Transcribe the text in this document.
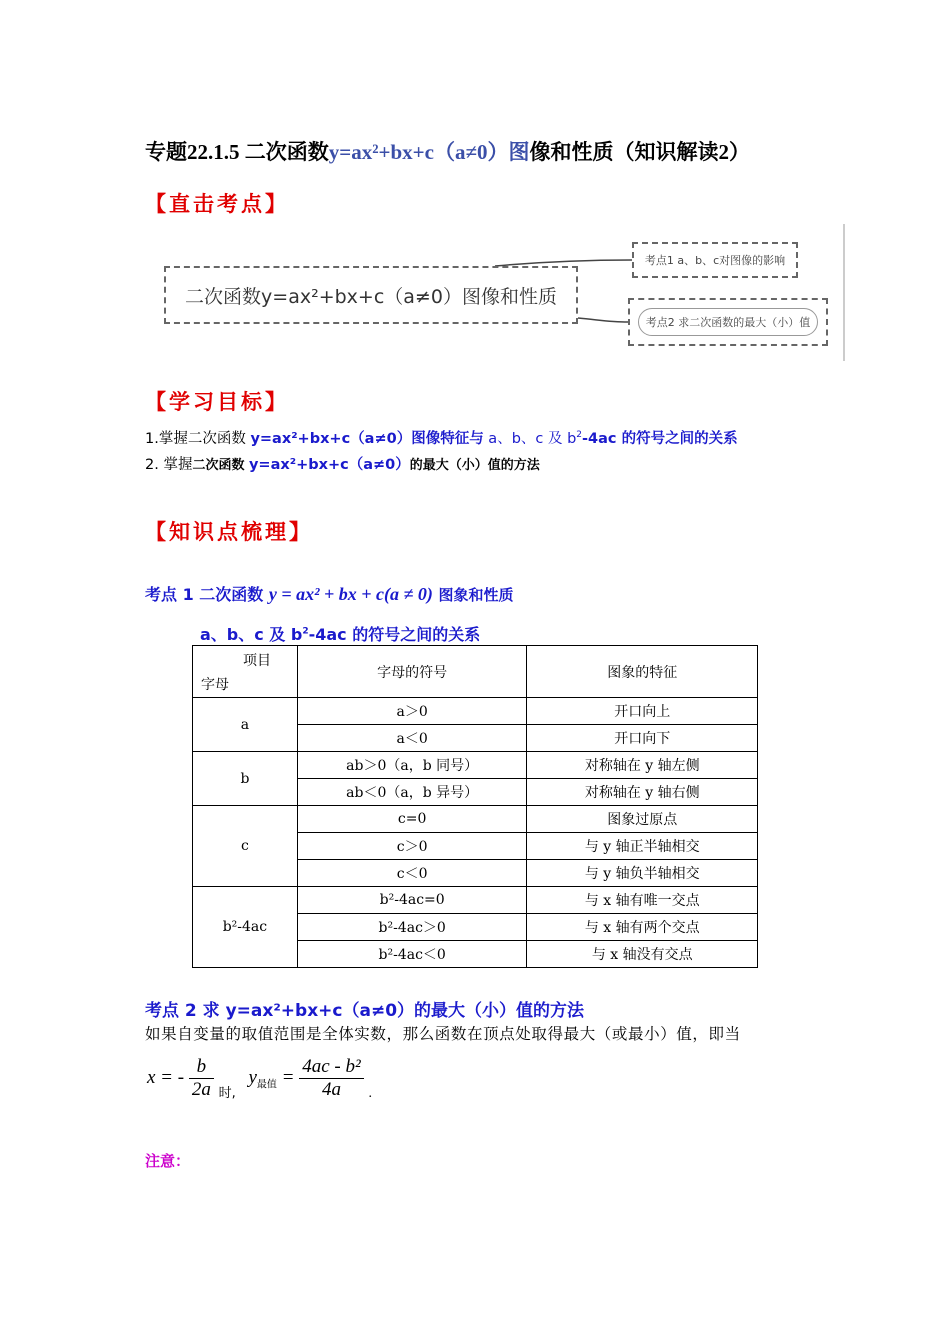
专题22.1.5 二次函数y=ax²+bx+c（a≠0）图像和性质（知识解读2）
【直击考点】
二次函数y=ax²+bx+c（a≠0）图像和性质
考点1 a、b、c对图像的影响
考点2 求二次函数的最大（小）值
【学习目标】
1.掌握二次函数 y=ax²+bx+c（a≠0）图像特征与 a、b、c 及 $b^2-4ac$ 的符号之间的关系
2. 掌握二次函数 y=ax²+bx+c（a≠0）的最大（小）值的方法
【知识点梳理】
考点 1 二次函数 y = ax² + bx + c(a ≠ 0) 图象和性质
a、b、c 及 $b^2-4ac$ 的符号之间的关系
项目
字母	字母的符号	图象的特征
a	a＞0	开口向上
	a＜0	开口向下
b	ab＞0（a，b 同号）	对称轴在 y 轴左侧
	ab＜0（a，b 异号）	对称轴在 y 轴右侧
c	c=0	图象过原点
	c＞0	与 y 轴正半轴相交
	c＜0	与 y 轴负半轴相交
b²-4ac	b²-4ac=0	与 x 轴有唯一交点
	b²-4ac＞0	与 x 轴有两个交点
	b²-4ac＜0	与 x 轴没有交点
考点 2 求 y=ax²+bx+c（a≠0）的最大（小）值的方法
如果自变量的取值范围是全体实数，那么函数在顶点处取得最大（或最小）值，即当
x = - $\frac{b}{2a} _{时,}$ $y_{最值} = \frac{\text{4ac - b²}}{4a} _.$
注意：
